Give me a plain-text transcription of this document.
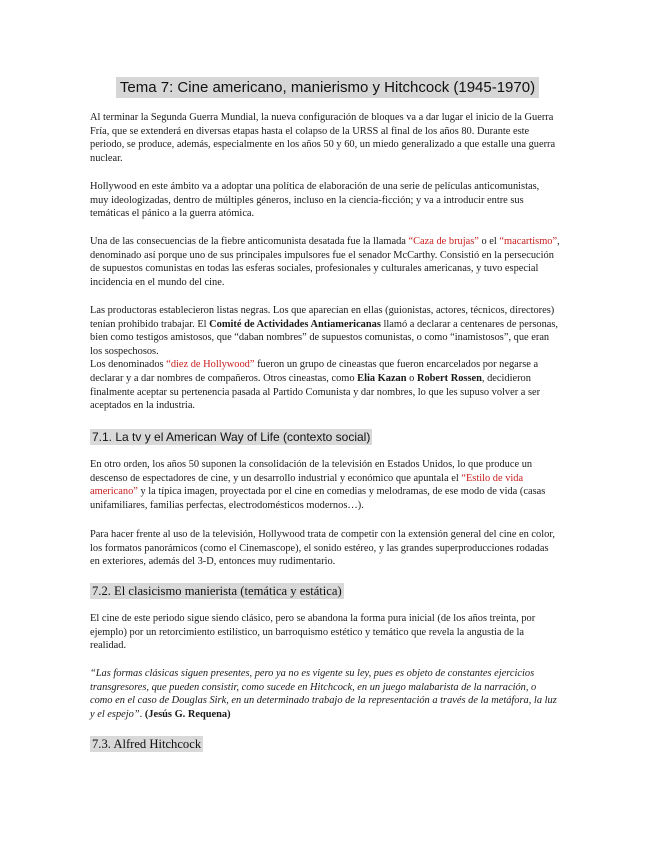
Tema 7: Cine americano, manierismo y Hitchcock (1945-1970)

Al terminar la Segunda Guerra Mundial, la nueva configuración de bloques va a dar lugar el inicio de la Guerra Fría, que se extenderá en diversas etapas hasta el colapso de la URSS al final de los años 80. Durante este periodo, se produce, además, especialmente en los años 50 y 60, un miedo generalizado a que estalle una guerra nuclear.

Hollywood en este ámbito va a adoptar una política de elaboración de una serie de películas anticomunistas, muy ideologizadas, dentro de múltiples géneros, incluso en la ciencia-ficción; y va a introducir entre sus temáticas el pánico a la guerra atómica.

Una de las consecuencias de la fiebre anticomunista desatada fue la llamada “Caza de brujas” o el “macartismo”, denominado así porque uno de sus principales impulsores fue el senador McCarthy. Consistió en la persecución de supuestos comunistas en todas las esferas sociales, profesionales y culturales americanas, y tuvo especial incidencia en el mundo del cine.

Las productoras establecieron listas negras. Los que aparecían en ellas (guionistas, actores, técnicos, directores) tenían prohibido trabajar. El Comité de Actividades Antiamericanas llamó a declarar a centenares de personas, bien como testigos amistosos, que “daban nombres” de supuestos comunistas, o como “inamistosos”, que eran los sospechosos.

Los denominados “diez de Hollywood” fueron un grupo de cineastas que fueron encarcelados por negarse a declarar y a dar nombres de compañeros. Otros cineastas, como Elia Kazan o Robert Rossen, decidieron finalmente aceptar su pertenencia pasada al Partido Comunista y dar nombres, lo que les supuso volver a ser aceptados en la industria.

7.1. La tv y el American Way of Life (contexto social)

En otro orden, los años 50 suponen la consolidación de la televisión en Estados Unidos, lo que produce un descenso de espectadores de cine, y un desarrollo industrial y económico que apuntala el “Estilo de vida americano” y la típica imagen, proyectada por el cine en comedias y melodramas, de ese modo de vida (casas unifamiliares, familias perfectas, electrodomésticos modernos…).

Para hacer frente al uso de la televisión, Hollywood trata de competir con la extensión general del cine en color, los formatos panorámicos (como el Cinemascope), el sonido estéreo, y las grandes superproducciones rodadas en exteriores, además del 3-D, entonces muy rudimentario.

7.2. El clasicismo manierista (temática y estática)

El cine de este periodo sigue siendo clásico, pero se abandona la forma pura inicial (de los años treinta, por ejemplo) por un retorcimiento estilístico, un barroquismo estético y temático que revela la angustia de la realidad.

“Las formas clásicas siguen presentes, pero ya no es vigente su ley, pues es objeto de constantes ejercicios transgresores, que pueden consistir, como sucede en Hitchcock, en un juego malabarista de la narración, o como en el caso de Douglas Sirk, en un determinado trabajo de la representación a través de la metáfora, la luz y el espejo”. (Jesús G. Requena)

7.3. Alfred Hitchcock
